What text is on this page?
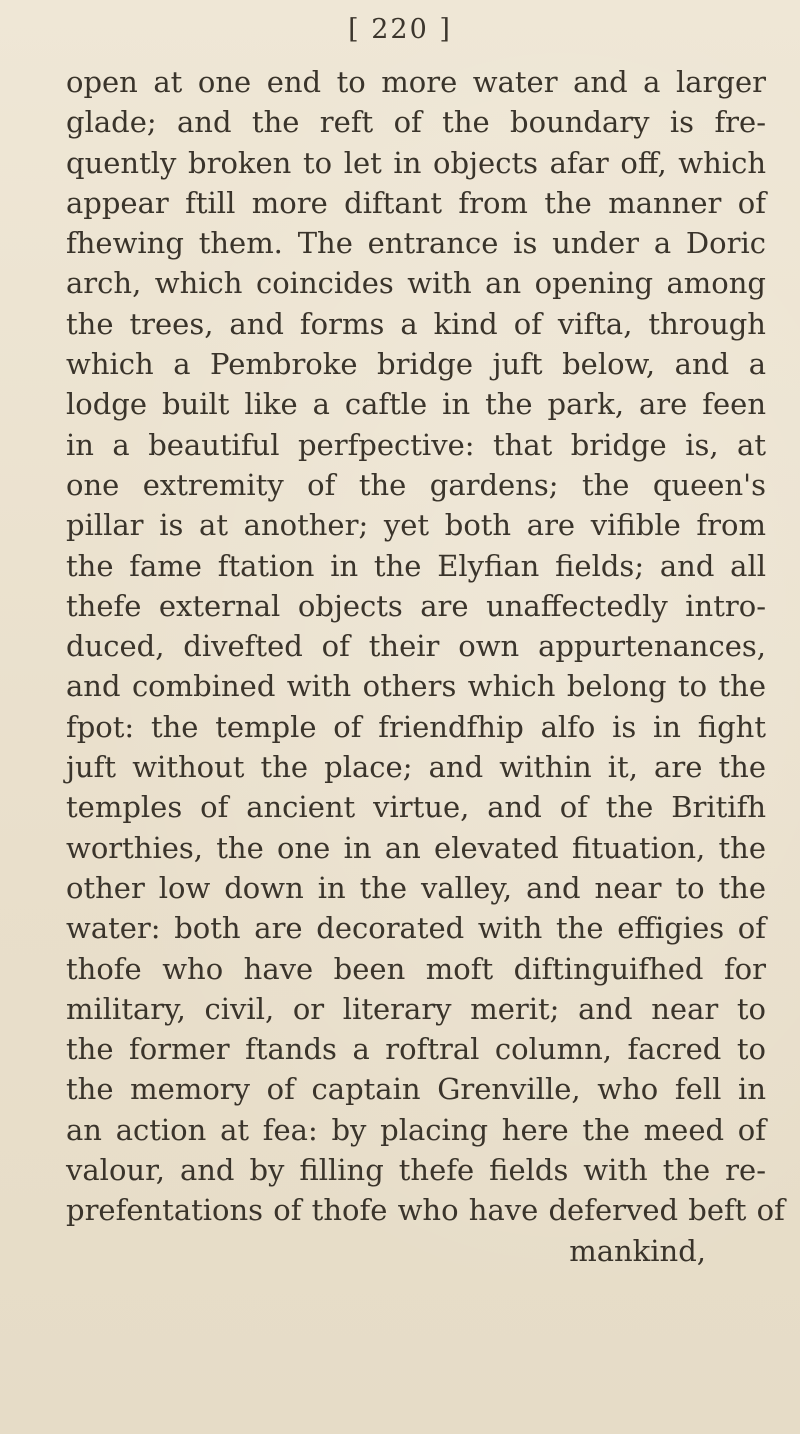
[ 220 ]
open at one end to more water and a larger
glade; and the reft of the boundary is fre-
quently broken to let in objects afar off, which
appear ftill more diftant from the manner of
fhewing them. The entrance is under a Doric
arch, which coincides with an opening among
the trees, and forms a kind of vifta, through
which a Pembroke bridge juft below, and a
lodge built like a caftle in the park, are feen
in a beautiful perfpective: that bridge is, at
one extremity of the gardens; the queen's
pillar is at another; yet both are vifible from
the fame ftation in the Elyfian fields; and all
thefe external objects are unaffectedly intro-
duced, divefted of their own appurtenances,
and combined with others which belong to the
fpot: the temple of friendfhip alfo is in fight
juft without the place; and within it, are the
temples of ancient virtue, and of the Britifh
worthies, the one in an elevated fituation, the
other low down in the valley, and near to the
water: both are decorated with the effigies of
thofe who have been moft diftinguifhed for
military, civil, or literary merit; and near to
the former ftands a roftral column, facred to
the memory of captain Grenville, who fell in
an action at fea: by placing here the meed of
valour, and by filling thefe fields with the re-
prefentations of thofe who have deferved beft of
mankind,
